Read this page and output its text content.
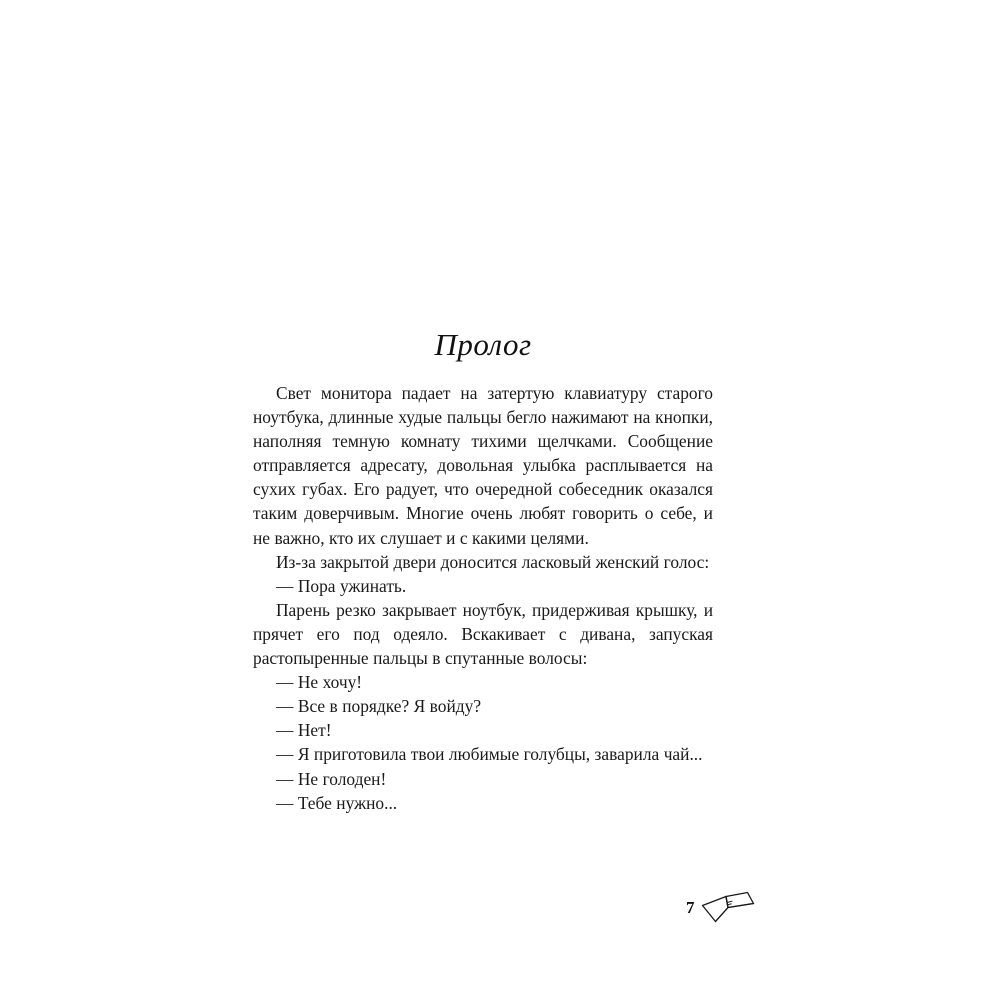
Пролог

Свет монитора падает на затертую клавиатуру старого ноутбука, длинные худые пальцы бегло нажимают на кнопки, наполняя темную комнату тихими щелчками. Сообщение отправляется адресату, довольная улыбка расплывается на сухих губах. Его радует, что очередной собеседник оказался таким доверчивым. Многие очень любят говорить о себе, и не важно, кто их слушает и с какими целями.

Из-за закрытой двери доносится ласковый женский голос:

— Пора ужинать.

Парень резко закрывает ноутбук, придерживая крышку, и прячет его под одеяло. Вскакивает с дивана, запуская растопыренные пальцы в спутанные волосы:

— Не хочу!

— Все в порядке? Я войду?

— Нет!

— Я приготовила твои любимые голубцы, заварила чай...

— Не голоден!

— Тебе нужно...

7
